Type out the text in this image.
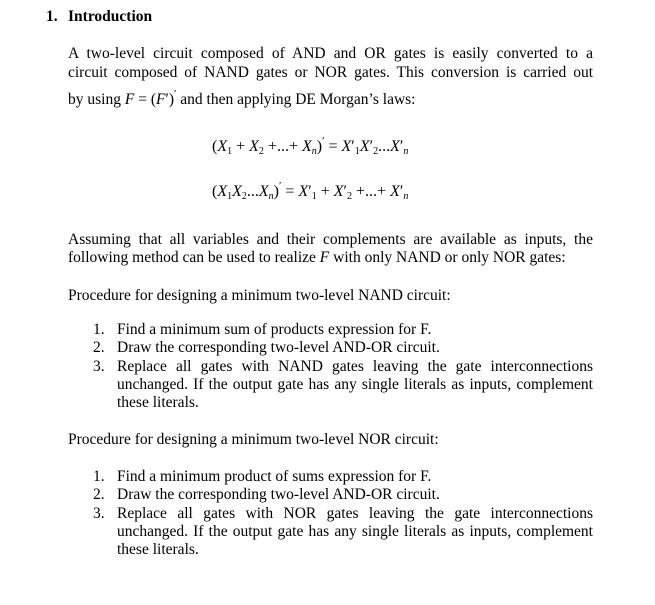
1. Introduction
A two-level circuit composed of AND and OR gates is easily converted to a
circuit composed of NAND gates or NOR gates. This conversion is carried out
by using F = (F′)′ and then applying DE Morgan’s laws:
($X_1 + X_2$ +...+ $X_n)' = X'_1X'_2...X'_n$
$(X_1X_2...X_n)' = X'_1 + X'_2$ +...+ $X'_n$
Assuming that all variables and their complements are available as inputs, the
following method can be used to realize F with only NAND or only NOR gates:
Procedure for designing a minimum two-level NAND circuit:
1. Find a minimum sum of products expression for F.
2. Draw the corresponding two-level AND-OR circuit.
3. Replace all gates with NAND gates leaving the gate interconnections unchanged. If the output gate has any single literals as inputs, complement these literals.
Procedure for designing a minimum two-level NOR circuit:
1. Find a minimum product of sums expression for F.
2. Draw the corresponding two-level AND-OR circuit.
3. Replace all gates with NOR gates leaving the gate interconnections unchanged. If the output gate has any single literals as inputs, complement these literals.
